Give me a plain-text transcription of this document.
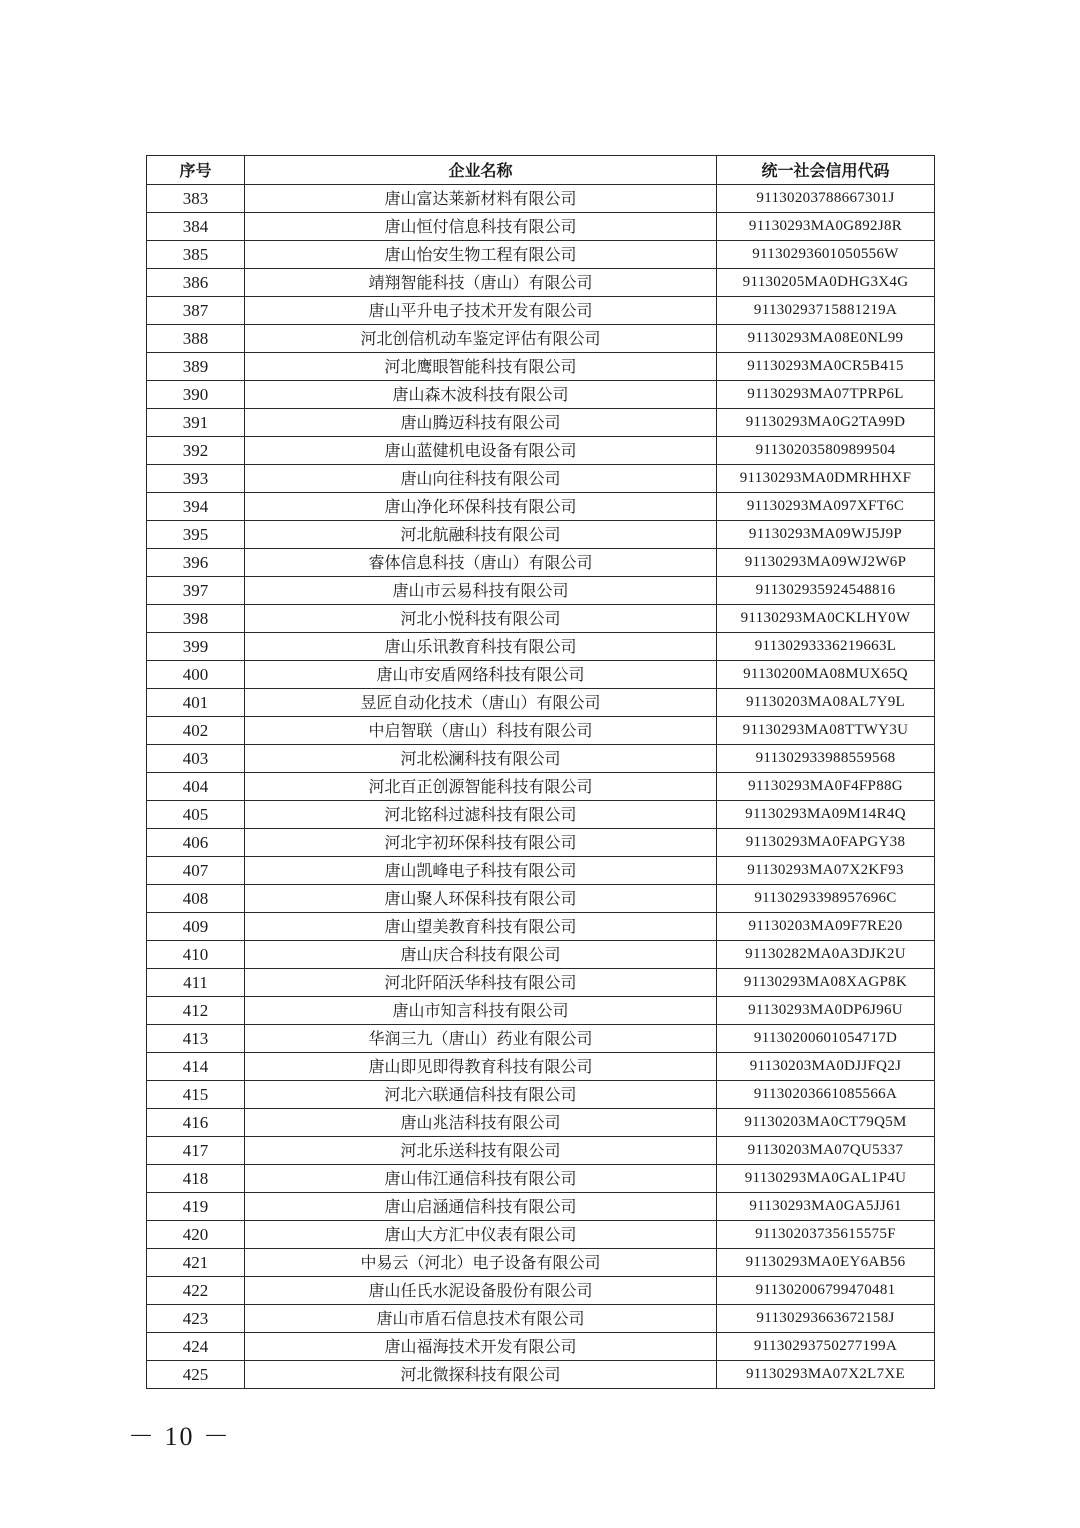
序号	企业名称	统一社会信用代码
383	唐山富达莱新材料有限公司	91130203788667301J
384	唐山恒付信息科技有限公司	91130293MA0G892J8R
385	唐山怡安生物工程有限公司	91130293601050556W
386	靖翔智能科技（唐山）有限公司	91130205MA0DHG3X4G
387	唐山平升电子技术开发有限公司	91130293715881219A
388	河北创信机动车鉴定评估有限公司	91130293MA08E0NL99
389	河北鹰眼智能科技有限公司	91130293MA0CR5B415
390	唐山森木波科技有限公司	91130293MA07TPRP6L
391	唐山腾迈科技有限公司	91130293MA0G2TA99D
392	唐山蓝健机电设备有限公司	911302035809899504
393	唐山向往科技有限公司	91130293MA0DMRHHXF
394	唐山净化环保科技有限公司	91130293MA097XFT6C
395	河北航融科技有限公司	91130293MA09WJ5J9P
396	睿体信息科技（唐山）有限公司	91130293MA09WJ2W6P
397	唐山市云易科技有限公司	911302935924548816
398	河北小悦科技有限公司	91130293MA0CKLHY0W
399	唐山乐讯教育科技有限公司	91130293336219663L
400	唐山市安盾网络科技有限公司	91130200MA08MUX65Q
401	昱匠自动化技术（唐山）有限公司	91130203MA08AL7Y9L
402	中启智联（唐山）科技有限公司	91130293MA08TTWY3U
403	河北松澜科技有限公司	911302933988559568
404	河北百正创源智能科技有限公司	91130293MA0F4FP88G
405	河北铭科过滤科技有限公司	91130293MA09M14R4Q
406	河北宇初环保科技有限公司	91130293MA0FAPGY38
407	唐山凯峰电子科技有限公司	91130293MA07X2KF93
408	唐山聚人环保科技有限公司	91130293398957696C
409	唐山望美教育科技有限公司	91130203MA09F7RE20
410	唐山庆合科技有限公司	91130282MA0A3DJK2U
411	河北阡陌沃华科技有限公司	91130293MA08XAGP8K
412	唐山市知言科技有限公司	91130293MA0DP6J96U
413	华润三九（唐山）药业有限公司	91130200601054717D
414	唐山即见即得教育科技有限公司	91130203MA0DJJFQ2J
415	河北六联通信科技有限公司	91130203661085566A
416	唐山兆洁科技有限公司	91130203MA0CT79Q5M
417	河北乐送科技有限公司	91130203MA07QU5337
418	唐山伟江通信科技有限公司	91130293MA0GAL1P4U
419	唐山启涵通信科技有限公司	91130293MA0GA5JJ61
420	唐山大方汇中仪表有限公司	91130203735615575F
421	中易云（河北）电子设备有限公司	91130293MA0EY6AB56
422	唐山任氏水泥设备股份有限公司	911302006799470481
423	唐山市盾石信息技术有限公司	91130293663672158J
424	唐山福海技术开发有限公司	91130293750277199A
425	河北微探科技有限公司	91130293MA07X2L7XE
－ 10 －
